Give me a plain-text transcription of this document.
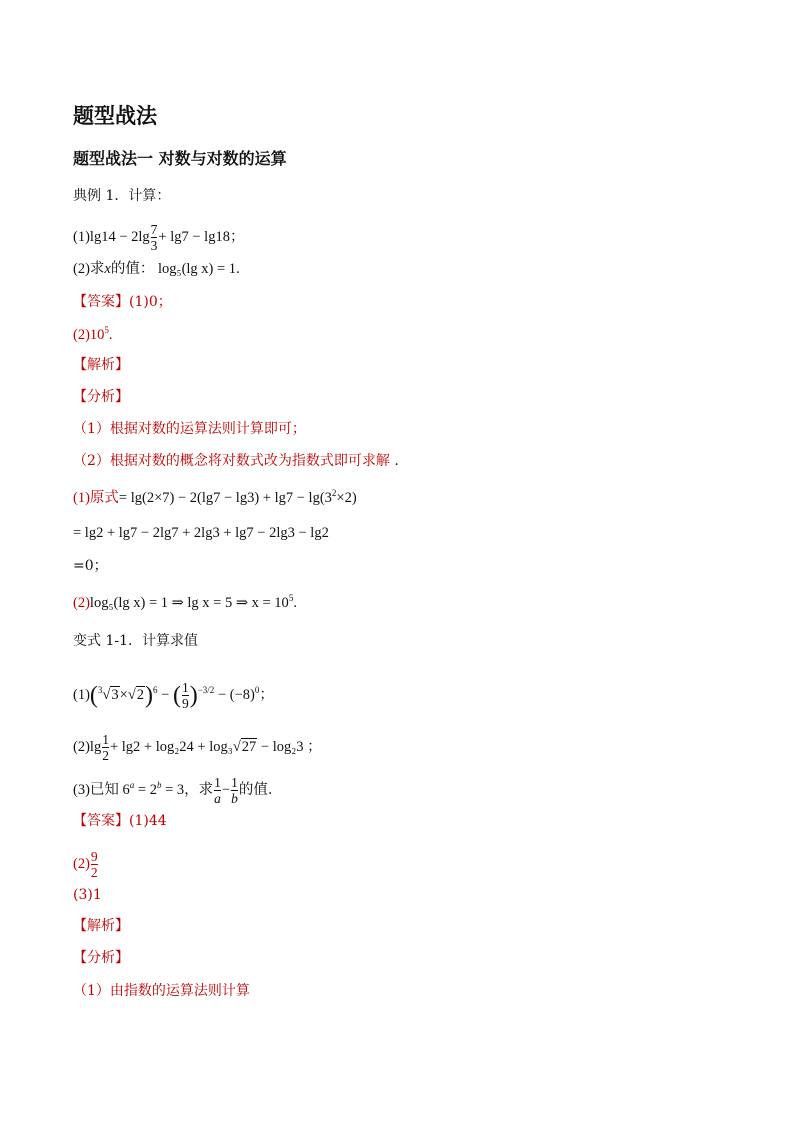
题型战法
题型战法一 对数与对数的运算
典例 1．计算：
$(1)\lg 14 - 2\lg \frac{7}{3} + \lg 7 - \lg 18$；
(2)求x的值： log₅(lg x) = 1.
【答案】(1)0；
$(2)10^5$.
【解析】
【分析】
（1）根据对数的运算法则计算即可；
（2）根据对数的概念将对数式改为指数式即可求解 .
(1)原式= $\lg(2\times 7) - 2(\lg 7 - \lg 3) + \lg 7 - \lg(3^2\times 2)$
= lg2 + lg7 − 2lg7 + 2lg3 + lg7 − 2lg3 − lg2
=0；
(2)log₅(lg x) = 1 ⇒ lg x = 5 ⇒ $x = 10^5$.
变式 1-1．计算求值
$(1)(^3√3\times√2)^6$ − ( $\frac{1}{9} )^{-3/2} - (-8)^0$；
$(2)\lg \frac{1}{2} + \lg 2 + \log_224 + \log_3√27 - \log_23$ ；
(3)已知 $6^a = 2^b = 3$，求 $\frac{1}{a} - \frac{1}{b}$ 的值．
【答案】(1)44
$(2) \frac{9}{2}$
(3)1
【解析】
【分析】
（1）由指数的运算法则计算
